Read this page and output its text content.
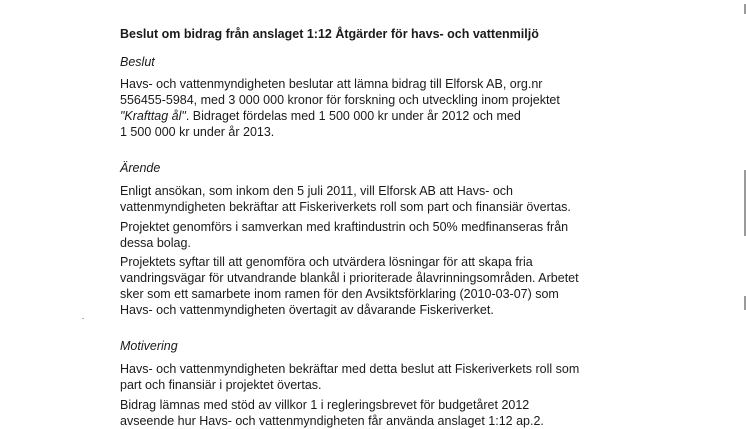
Beslut om bidrag från anslaget 1:12 Åtgärder för havs- och vattenmiljö
Beslut
Havs- och vattenmyndigheten beslutar att lämna bidrag till Elforsk AB, org.nr
556455-5984, med 3 000 000 kronor för forskning och utveckling inom projektet
"Krafttag ål". Bidraget fördelas med 1 500 000 kr under år 2012 och med
1 500 000 kr under år 2013.
Ärende
Enligt ansökan, som inkom den 5 juli 2011, vill Elforsk AB att Havs- och
vattenmyndigheten bekräftar att Fiskeriverkets roll som part och finansiär övertas.
Projektet genomförs i samverkan med kraftindustrin och 50% medfinanseras från
dessa bolag.
Projektets syftar till att genomföra och utvärdera lösningar för att skapa fria
vandringsvägar för utvandrande blankål i prioriterade ålavrinningsområden. Arbetet
sker som ett samarbete inom ramen för den Avsiktsförklaring (2010-03-07) som
Havs- och vattenmyndigheten övertagit av dåvarande Fiskeriverket.
Motivering
Havs- och vattenmyndigheten bekräftar med detta beslut att Fiskeriverkets roll som
part och finansiär i projektet övertas.
Bidrag lämnas med stöd av villkor 1 i regleringsbrevet för budgetåret 2012
avseende hur Havs- och vattenmyndigheten får använda anslaget 1:12 ap.2.
